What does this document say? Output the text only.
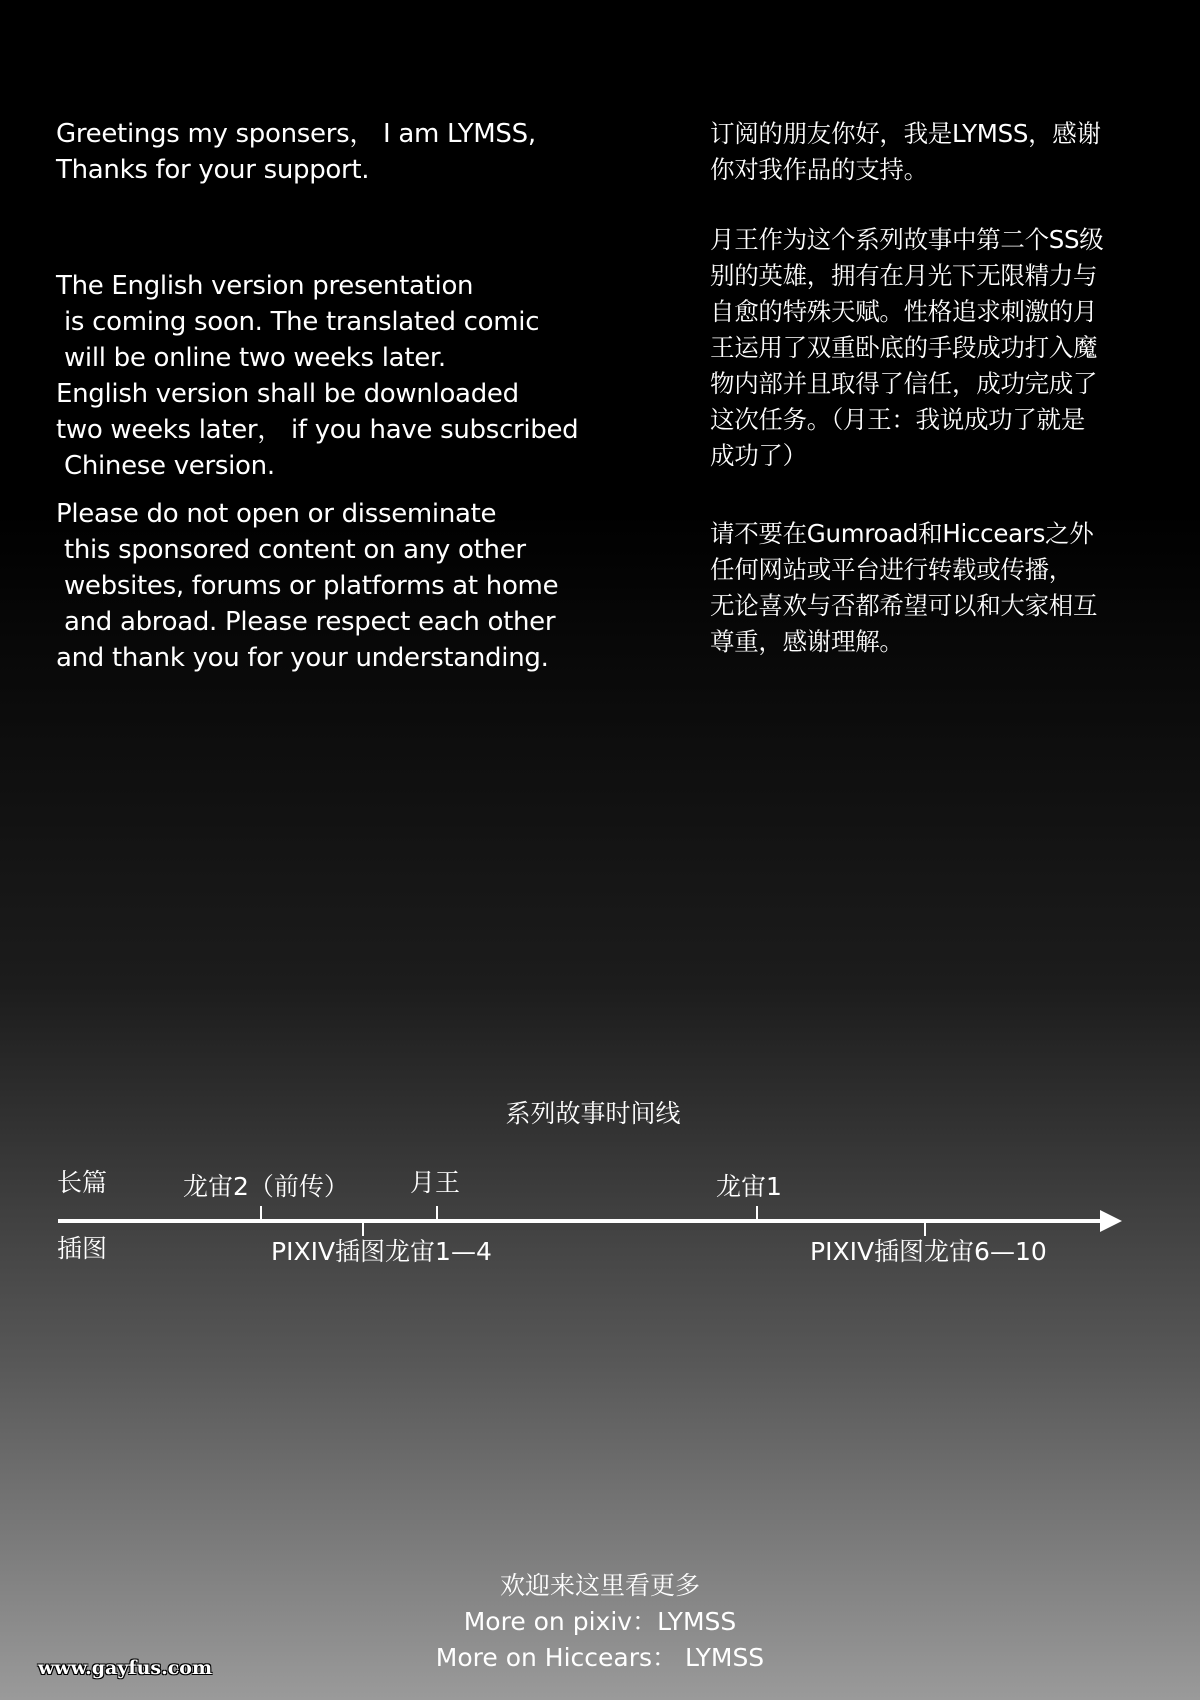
Greetings my sponsers， I am LYMSS,
Thanks for your support.

The English version presentation
is coming soon. The translated comic
will be online two weeks later.
English version shall be downloaded
two weeks later， if you have subscribed
Chinese version.

Please do not open or disseminate
this sponsored content on any other
websites, forums or platforms at home
and abroad. Please respect each other
and thank you for your understanding.

订阅的朋友你好，我是LYMSS，感谢
你对我作品的支持。

月王作为这个系列故事中第二个SS级
别的英雄，拥有在月光下无限精力与
自愈的特殊天赋。性格追求刺激的月
王运用了双重卧底的手段成功打入魔
物内部并且取得了信任，成功完成了
这次任务。（月王：我说成功了就是
成功了）

请不要在Gumroad和Hiccears之外
任何网站或平台进行转载或传播，
无论喜欢与否都希望可以和大家相互
尊重，感谢理解。

系列故事时间线
长篇
插图
龙宙2（前传） 月王	龙宙1
PIXIV插图龙宙1—4	PIXIV插图龙宙6—10
欢迎来这里看更多
More on pixiv：LYMSS
More on Hiccears： LYMSS
www.gayfus.com
